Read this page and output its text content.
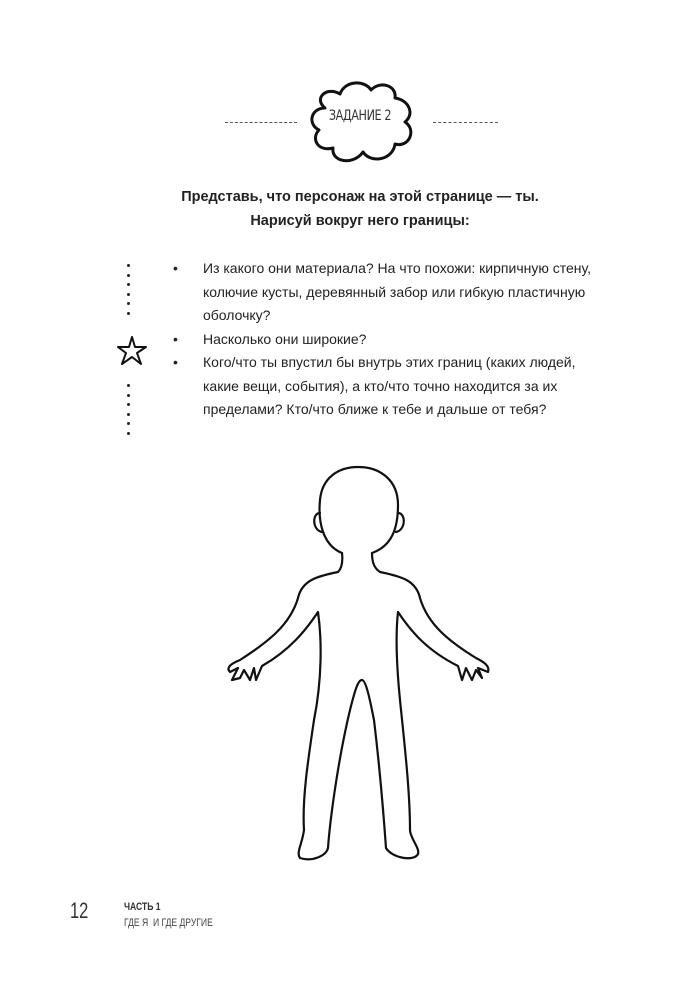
ЗАДАНИЕ 2
Представь, что персонаж на этой странице — ты.
Нарисуй вокруг него границы:
• Из какого они материала? На что похожи: кирпичную стену, колючие кусты, деревянный забор или гибкую пластичную оболочку?
• Насколько они широкие?
• Кого/что ты впустил бы внутрь этих границ (каких людей, какие вещи, события), а кто/что точно находится за их пределами? Кто/что ближе к тебе и дальше от тебя?
12	ЧАСТЬ 1
ГДЕ Я  И ГДЕ ДРУГИЕ
